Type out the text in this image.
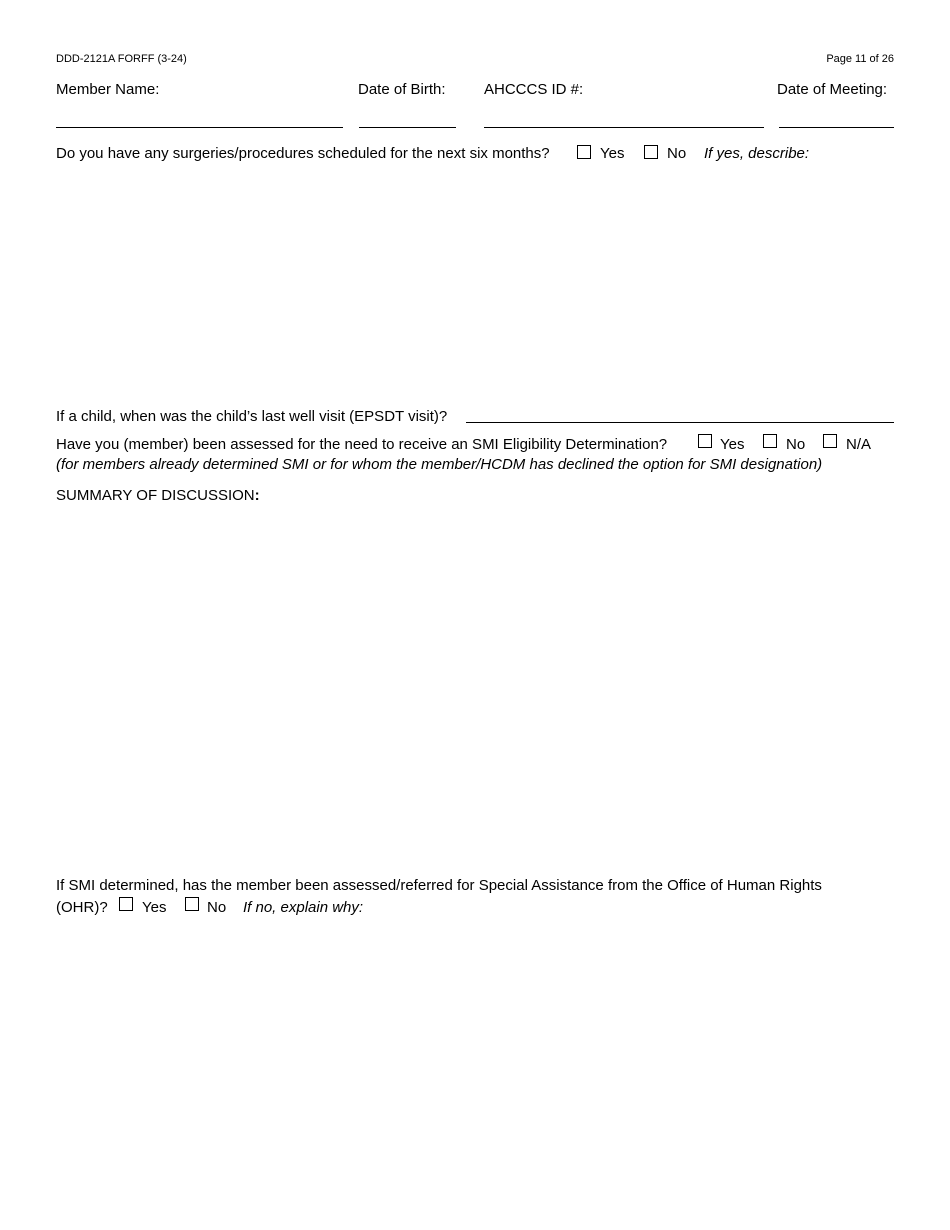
DDD-2121A FORFF (3-24)	Page 11 of 26
Member Name:	Date of Birth:	AHCCCS ID #:	Date of Meeting:
Do you have any surgeries/procedures scheduled for the next six months?	Yes	No If yes, describe:
If a child, when was the child’s last well visit (EPSDT visit)?
Have you (member) been assessed for the need to receive an SMI Eligibility Determination?	Yes	No	N/A
(for members already determined SMI or for whom the member/HCDM has declined the option for SMI designation)
SUMMARY OF DISCUSSION:
If SMI determined, has the member been assessed/referred for Special Assistance from the Office of Human Rights
(OHR)? Yes	No If no, explain why:
